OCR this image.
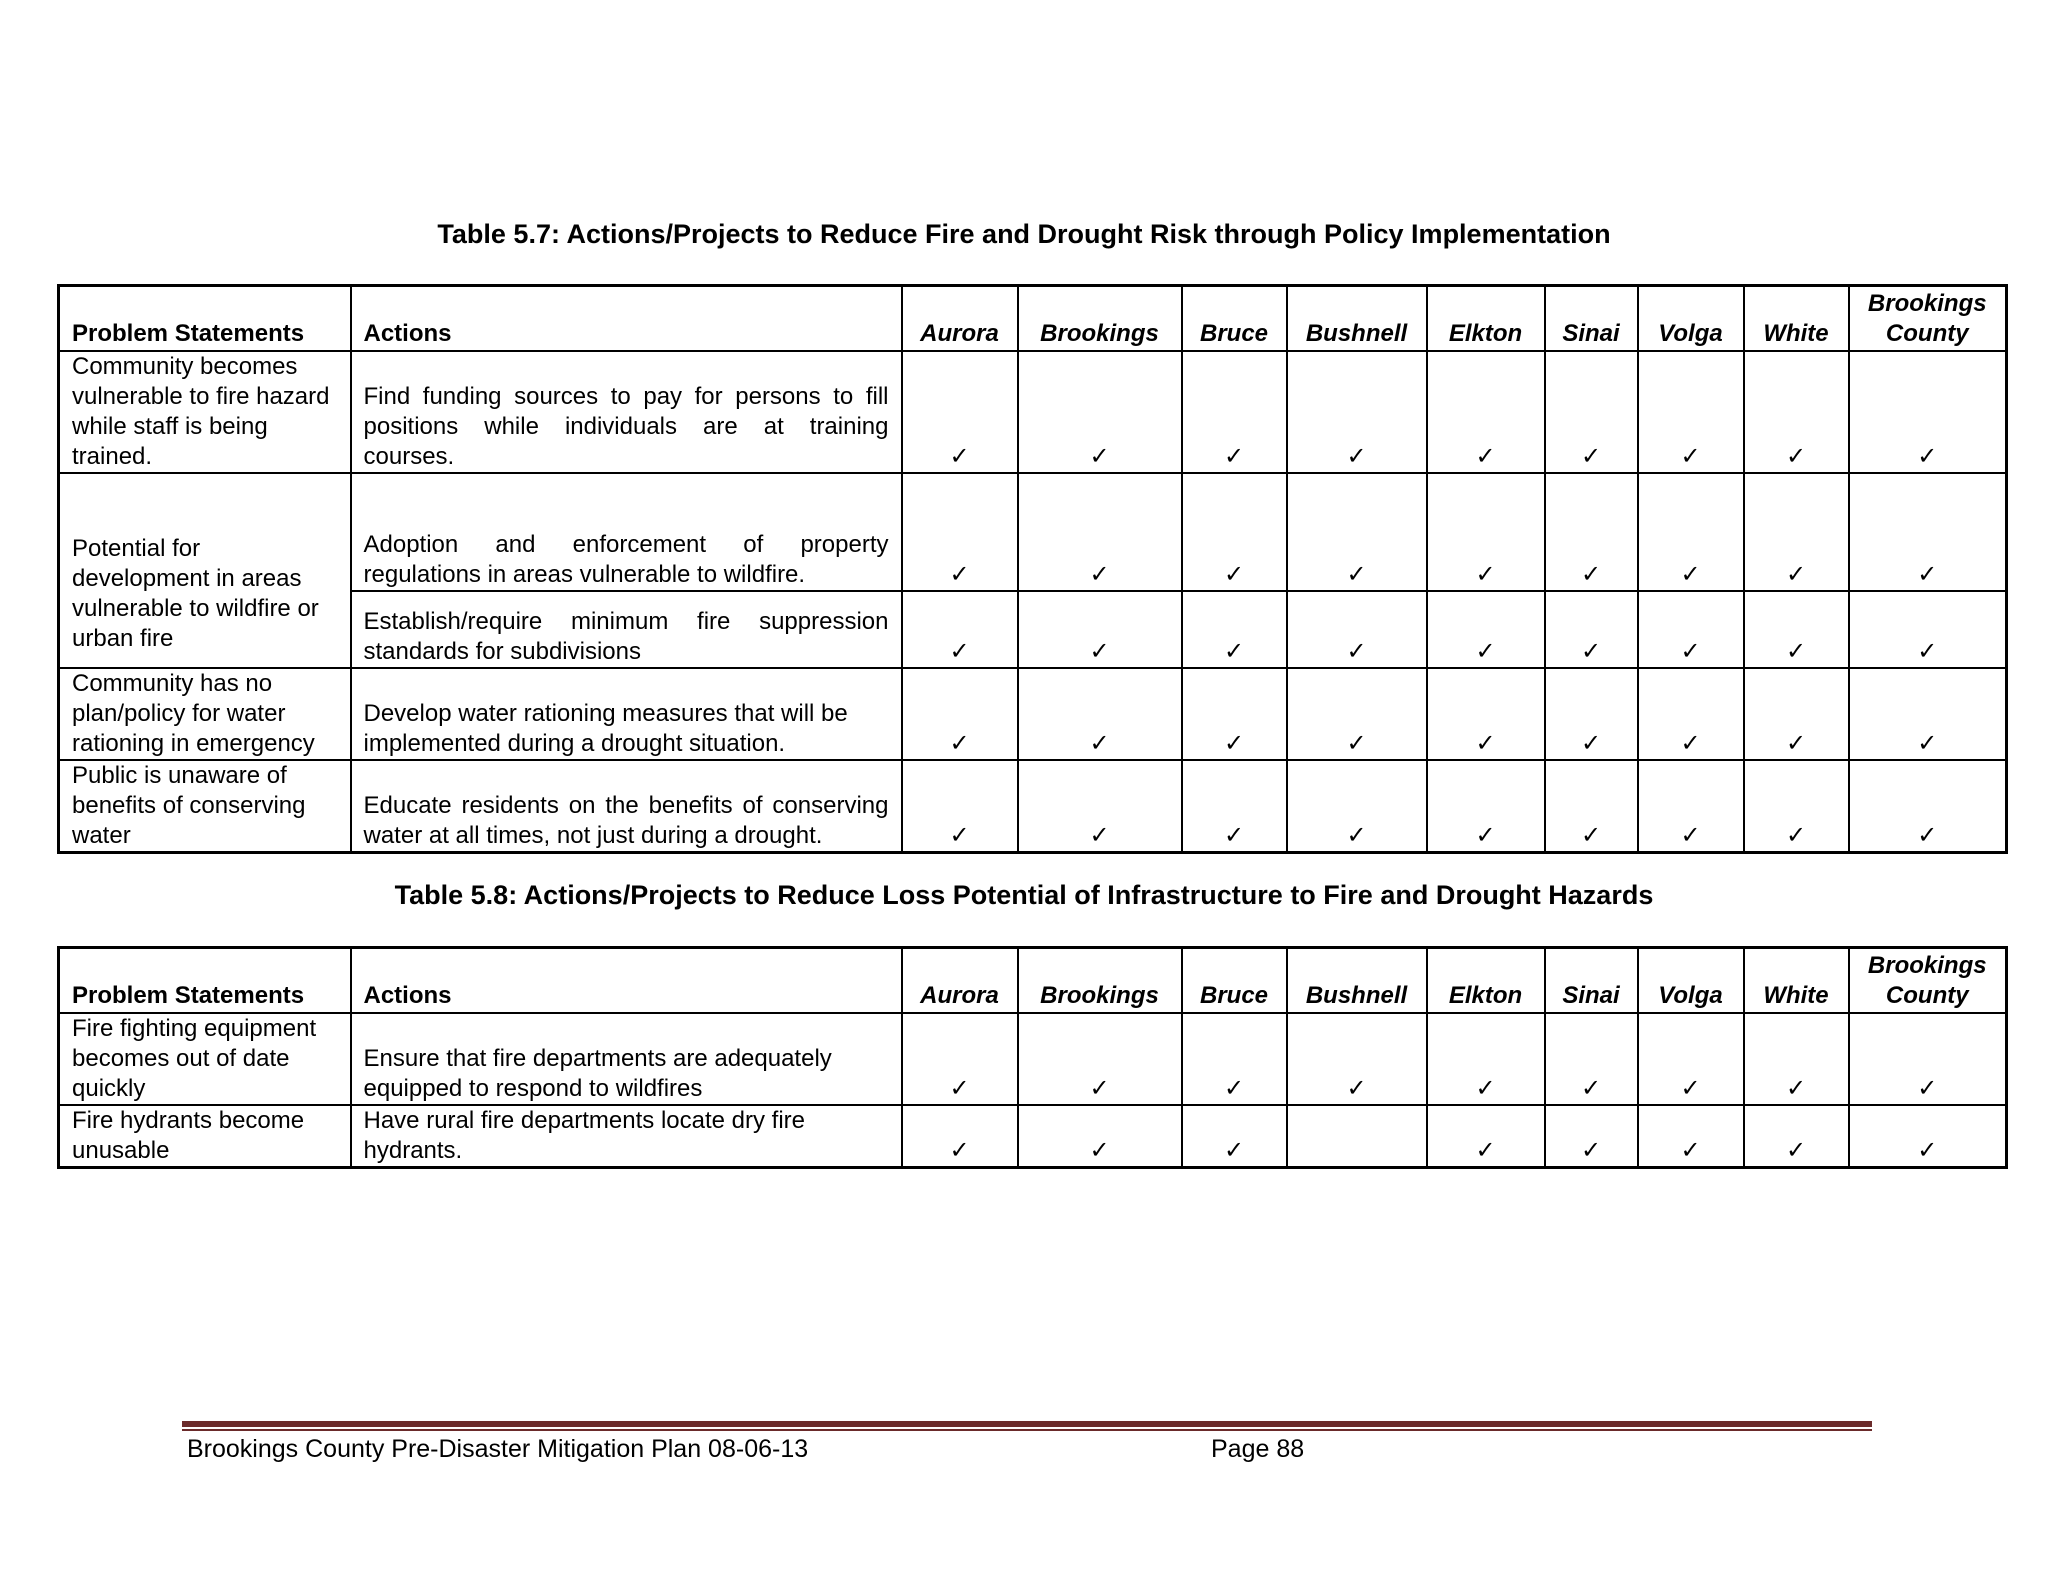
Table 5.7: Actions/Projects to Reduce Fire and Drought Risk through Policy Implementation
Problem Statements	Actions	Aurora	Brookings	Bruce	Bushnell	Elkton	Sinai	Volga	White	Brookings
County
Community becomes vulnerable to fire hazard while staff is being trained.	Find funding sources to pay for persons to fill positions while individuals are at training courses.	✓	✓	✓	✓	✓	✓	✓	✓	✓
Potential for development in areas vulnerable to wildfire or urban fire	Adoption and enforcement of property regulations in areas vulnerable to wildfire.	✓	✓	✓	✓	✓	✓	✓	✓	✓
	Establish/require minimum fire suppression standards for subdivisions	✓	✓	✓	✓	✓	✓	✓	✓	✓
Community has no plan/policy for water rationing in emergency	Develop water rationing measures that will be implemented during a drought situation.	✓	✓	✓	✓	✓	✓	✓	✓	✓
Public is unaware of benefits of conserving water	Educate residents on the benefits of conserving water at all times, not just during a drought.	✓	✓	✓	✓	✓	✓	✓	✓	✓
Table 5.8: Actions/Projects to Reduce Loss Potential of Infrastructure to Fire and Drought Hazards
Problem Statements	Actions	Aurora	Brookings	Bruce	Bushnell	Elkton	Sinai	Volga	White	Brookings
County
Fire fighting equipment becomes out of date quickly	Ensure that fire departments are adequately equipped to respond to wildfires	✓	✓	✓	✓	✓	✓	✓	✓	✓
Fire hydrants become unusable	Have rural fire departments locate dry fire hydrants.	✓	✓	✓		✓	✓	✓	✓	✓
Brookings County Pre-Disaster Mitigation Plan 08-06-13	Page 88
